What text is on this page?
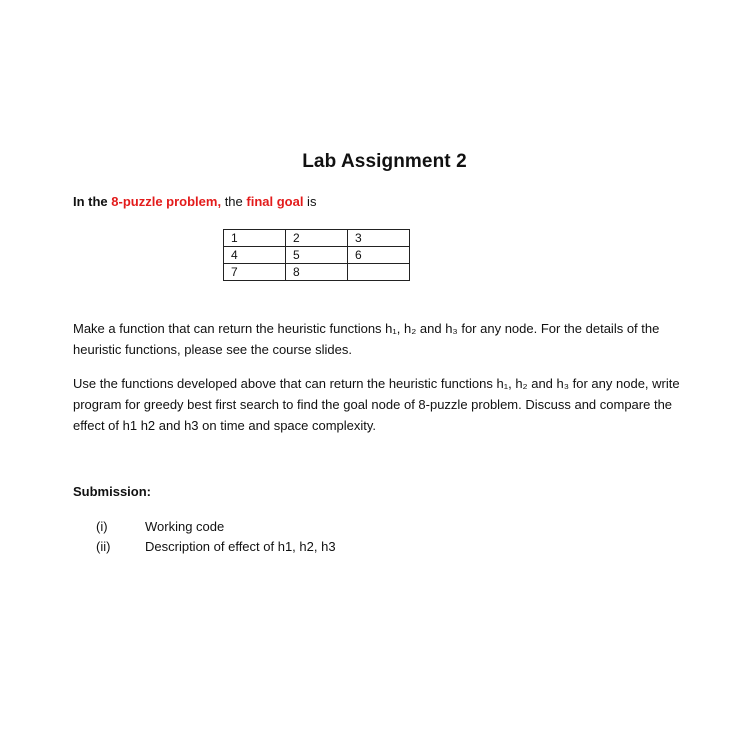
Lab Assignment 2
In the 8-puzzle problem, the final goal is
1	2	3
4	5	6
7	8	
Make a function that can return the heuristic functions h₁, h₂ and h₃ for any node. For the details of the heuristic functions, please see the course slides.
Use the functions developed above that can return the heuristic functions h₁, h₂ and h₃ for any node, write program for greedy best first search to find the goal node of 8-puzzle problem. Discuss and compare the effect of h1 h2 and h3 on time and space complexity.
Submission:
(i)	Working code
(ii)	Description of effect of h1, h2, h3
